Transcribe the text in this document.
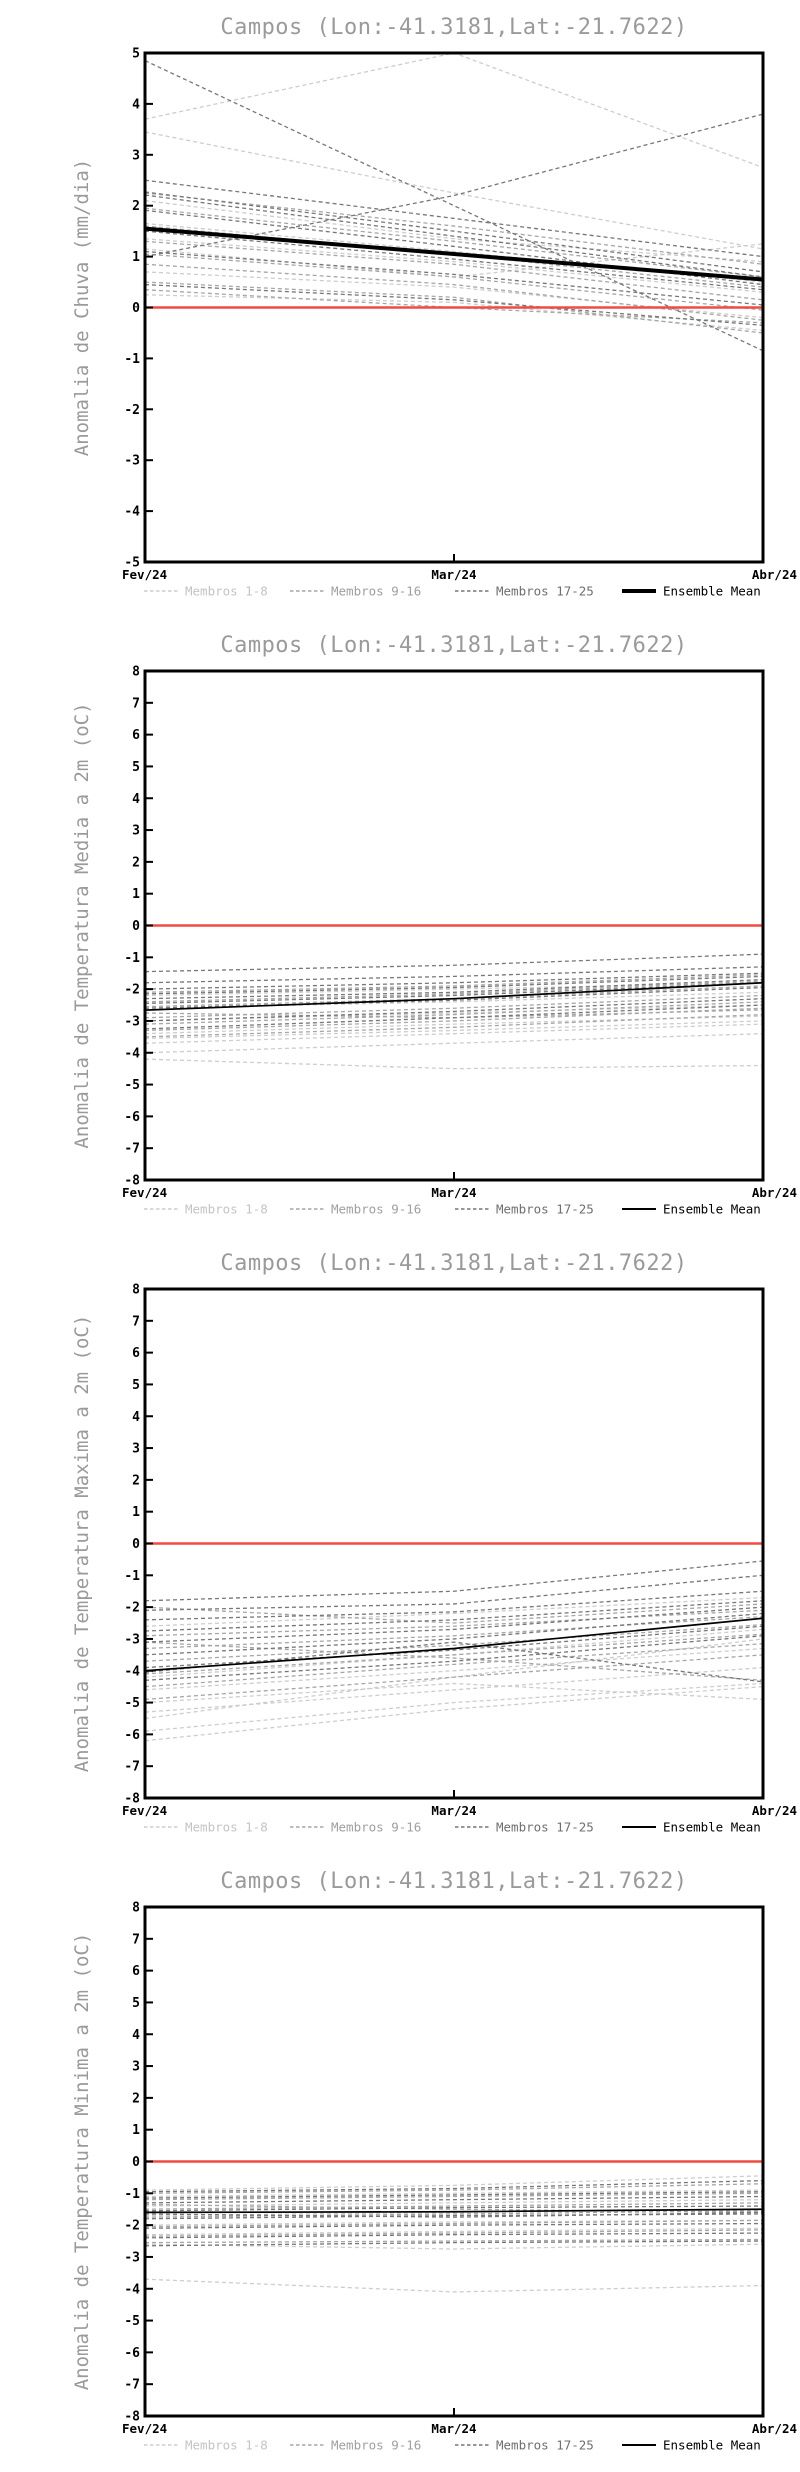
Campos (Lon:-41.3181,Lat:-21.7622)
Anomalia de Chuva (mm/dia)
5
4
3
2
1
0
-1
-2
-3
-4
-5
Fev/24	Mar/24	Abr/24
Membros 1-8	Membros 9-16	Membros 17-25	Ensemble Mean
Campos (Lon:-41.3181,Lat:-21.7622)
Anomalia de Temperatura Media a 2m (oC)
8
7
6
5
4
3
2
1
0
-1
-2
-3
-4
-5
-6
-7
-8
Fev/24	Mar/24	Abr/24
Membros 1-8	Membros 9-16	Membros 17-25	Ensemble Mean
Campos (Lon:-41.3181,Lat:-21.7622)
Anomalia de Temperatura Maxima a 2m (oC)
8
7
6
5
4
3
2
1
0
-1
-2
-3
-4
-5
-6
-7
-8
Fev/24	Mar/24	Abr/24
Membros 1-8	Membros 9-16	Membros 17-25	Ensemble Mean
Campos (Lon:-41.3181,Lat:-21.7622)
Anomalia de Temperatura Minima a 2m (oC)
8
7
6
5
4
3
2
1
0
-1
-2
-3
-4
-5
-6
-7
-8
Fev/24	Mar/24	Abr/24
Membros 1-8	Membros 9-16	Membros 17-25	Ensemble Mean
